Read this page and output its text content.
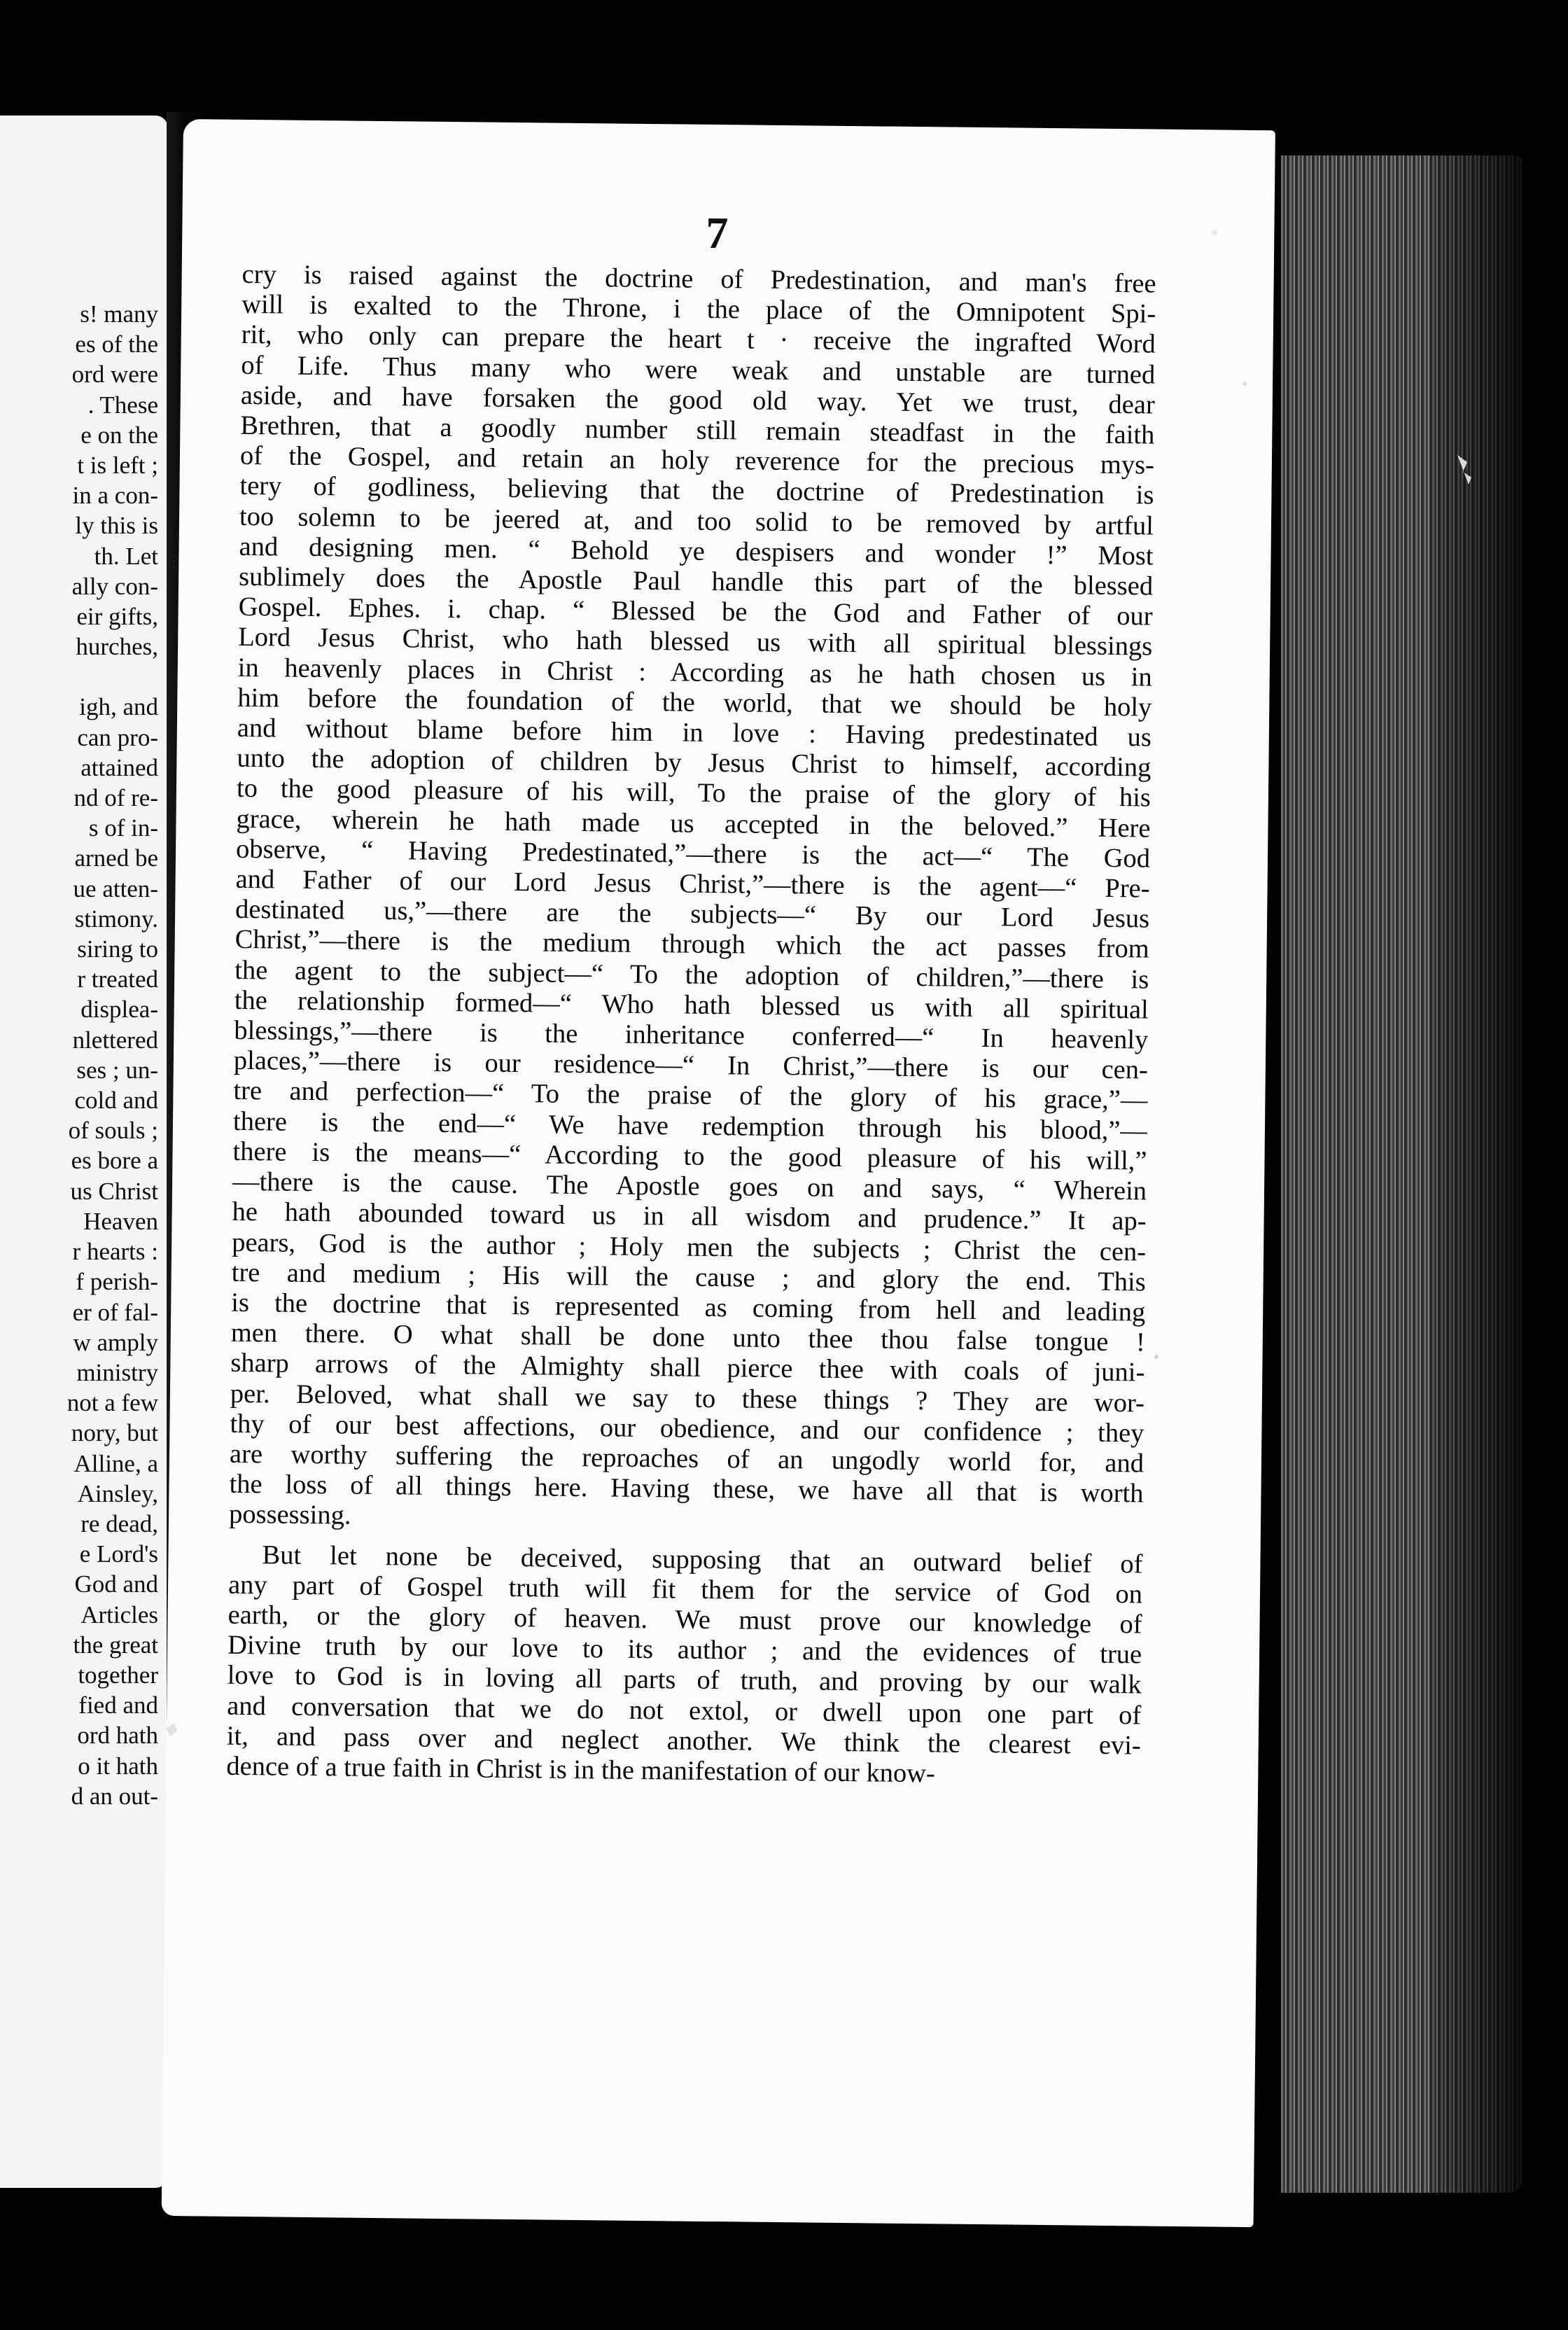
s! many
es of the
ord were
. These
e on the
t is left ;
in a con-
ly this is
th. Let
ally con-
eir gifts,
hurches,
igh, and
can pro-
attained
nd of re-
s of in-
arned be
ue atten-
stimony.
siring to
r treated
displea-
nlettered
ses ; un-
cold and
of souls ;
es bore a
us Christ
Heaven
r hearts :
f perish-
er of fal-
w amply
ministry
not a few
nory, but
Alline, a
Ainsley,
re dead,
e Lord's
God and
Articles
the great
together
fied and
ord hath
o it hath
d an out-

7

cry is raised against the doctrine of Predestination, and man's free
will is exalted to the Throne, i the place of the Omnipotent Spi-
rit, who only can prepare the heart t · receive the ingrafted Word
of Life. Thus many who were weak and unstable are turned
aside, and have forsaken the good old way. Yet we trust, dear
Brethren, that a goodly number still remain steadfast in the faith
of the Gospel, and retain an holy reverence for the precious mys-
tery of godliness, believing that the doctrine of Predestination is
too solemn to be jeered at, and too solid to be removed by artful
and designing men. “ Behold ye despisers and wonder !” Most
sublimely does the Apostle Paul handle this part of the blessed
Gospel. Ephes. i. chap. “ Blessed be the God and Father of our
Lord Jesus Christ, who hath blessed us with all spiritual blessings
in heavenly places in Christ : According as he hath chosen us in
him before the foundation of the world, that we should be holy
and without blame before him in love : Having predestinated us
unto the adoption of children by Jesus Christ to himself, according
to the good pleasure of his will, To the praise of the glory of his
grace, wherein he hath made us accepted in the beloved.” Here
observe, “ Having Predestinated,”—there is the act—“ The God
and Father of our Lord Jesus Christ,”—there is the agent—“ Pre-
destinated us,”—there are the subjects—“ By our Lord Jesus
Christ,”—there is the medium through which the act passes from
the agent to the subject—“ To the adoption of children,”—there is
the relationship formed—“ Who hath blessed us with all spiritual
blessings,”—there is the inheritance conferred—“ In heavenly
places,”—there is our residence—“ In Christ,”—there is our cen-
tre and perfection—“ To the praise of the glory of his grace,”—
there is the end—“ We have redemption through his blood,”—
there is the means—“ According to the good pleasure of his will,”
—there is the cause. The Apostle goes on and says, “ Wherein
he hath abounded toward us in all wisdom and prudence.” It ap-
pears, God is the author ; Holy men the subjects ; Christ the cen-
tre and medium ; His will the cause ; and glory the end. This
is the doctrine that is represented as coming from hell and leading
men there. O what shall be done unto thee thou false tongue !
sharp arrows of the Almighty shall pierce thee with coals of juni-
per. Beloved, what shall we say to these things ? They are wor-
thy of our best affections, our obedience, and our confidence ; they
are worthy suffering the reproaches of an ungodly world for, and
the loss of all things here. Having these, we have all that is worth
possessing.

But let none be deceived, supposing that an outward belief of
any part of Gospel truth will fit them for the service of God on
earth, or the glory of heaven. We must prove our knowledge of
Divine truth by our love to its author ; and the evidences of true
love to God is in loving all parts of truth, and proving by our walk
and conversation that we do not extol, or dwell upon one part of
it, and pass over and neglect another. We think the clearest evi-
dence of a true faith in Christ is in the manifestation of our know-
